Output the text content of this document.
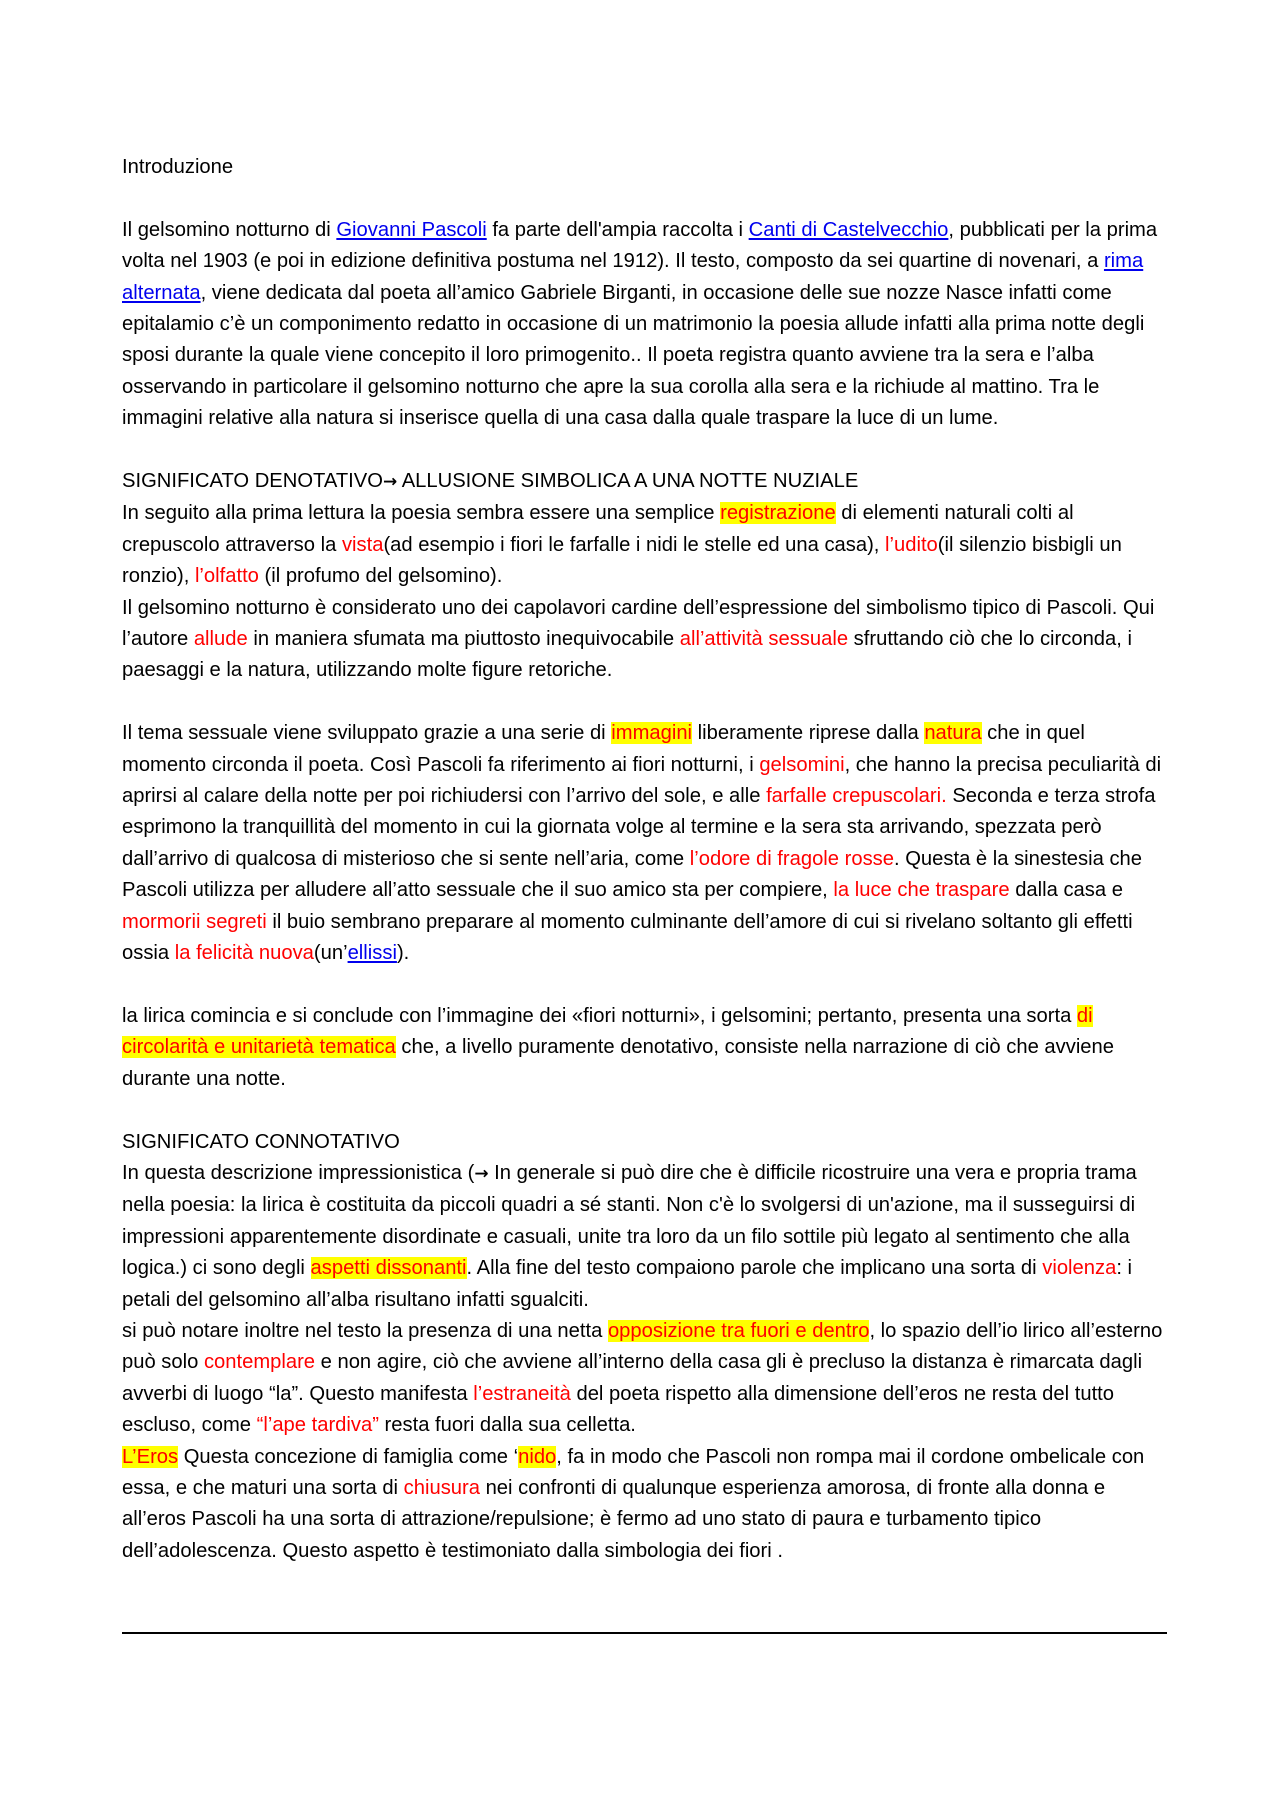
Introduzione

Il gelsomino notturno di Giovanni Pascoli fa parte dell'ampia raccolta i Canti di Castelvecchio, pubblicati per la prima volta nel 1903 (e poi in edizione definitiva postuma nel 1912). Il testo, composto da sei quartine di novenari, a rima alternata, viene dedicata dal poeta all’amico Gabriele Birganti, in occasione delle sue nozze Nasce infatti come epitalamio c’è un componimento redatto in occasione di un matrimonio la poesia allude infatti alla prima notte degli sposi durante la quale viene concepito il loro primogenito.. Il poeta registra quanto avviene tra la sera e l’alba osservando in particolare il gelsomino notturno che apre la sua corolla alla sera e la richiude al mattino. Tra le immagini relative alla natura si inserisce quella di una casa dalla quale traspare la luce di un lume.

SIGNIFICATO DENOTATIVO→ ALLUSIONE SIMBOLICA A UNA NOTTE NUZIALE

In seguito alla prima lettura la poesia sembra essere una semplice registrazione di elementi naturali colti al crepuscolo attraverso la vista(ad esempio i fiori le farfalle i nidi le stelle ed una casa), l’udito(il silenzio bisbigli un ronzio), l’olfatto (il profumo del gelsomino).

Il gelsomino notturno è considerato uno dei capolavori cardine dell’espressione del simbolismo tipico di Pascoli. Qui l’autore allude in maniera sfumata ma piuttosto inequivocabile all’attività sessuale sfruttando ciò che lo circonda, i paesaggi e la natura, utilizzando molte figure retoriche.

Il tema sessuale viene sviluppato grazie a una serie di immagini liberamente riprese dalla natura che in quel momento circonda il poeta. Così Pascoli fa riferimento ai fiori notturni, i gelsomini, che hanno la precisa peculiarità di aprirsi al calare della notte per poi richiudersi con l’arrivo del sole, e alle farfalle crepuscolari. Seconda e terza strofa esprimono la tranquillità del momento in cui la giornata volge al termine e la sera sta arrivando, spezzata però dall’arrivo di qualcosa di misterioso che si sente nell’aria, come l’odore di fragole rosse. Questa è la sinestesia che Pascoli utilizza per alludere all’atto sessuale che il suo amico sta per compiere, la luce che traspare dalla casa e mormorii segreti il buio sembrano preparare al momento culminante dell’amore di cui si rivelano soltanto gli effetti ossia la felicità nuova(un’ellissi).

la lirica comincia e si conclude con l’immagine dei «fiori notturni», i gelsomini; pertanto, presenta una sorta di circolarità e unitarietà tematica che, a livello puramente denotativo, consiste nella narrazione di ciò che avviene durante una notte.

SIGNIFICATO CONNOTATIVO

In questa descrizione impressionistica (→ In generale si può dire che è difficile ricostruire una vera e propria trama nella poesia: la lirica è costituita da piccoli quadri a sé stanti. Non c'è lo svolgersi di un'azione, ma il susseguirsi di impressioni apparentemente disordinate e casuali, unite tra loro da un filo sottile più legato al sentimento che alla logica.) ci sono degli aspetti dissonanti. Alla fine del testo compaiono parole che implicano una sorta di violenza: i petali del gelsomino all’alba risultano infatti sgualciti.

si può notare inoltre nel testo la presenza di una netta opposizione tra fuori e dentro, lo spazio dell’io lirico all’esterno può solo contemplare e non agire, ciò che avviene all’interno della casa gli è precluso la distanza è rimarcata dagli avverbi di luogo “la”. Questo manifesta l’estraneità del poeta rispetto alla dimensione dell’eros ne resta del tutto escluso, come “l’ape tardiva” resta fuori dalla sua celletta.

L’Eros Questa concezione di famiglia come ‘nido, fa in modo che Pascoli non rompa mai il cordone ombelicale con essa, e che maturi una sorta di chiusura nei confronti di qualunque esperienza amorosa, di fronte alla donna e all’eros Pascoli ha una sorta di attrazione/repulsione; è fermo ad uno stato di paura e turbamento tipico dell’adolescenza. Questo aspetto è testimoniato dalla simbologia dei fiori .
